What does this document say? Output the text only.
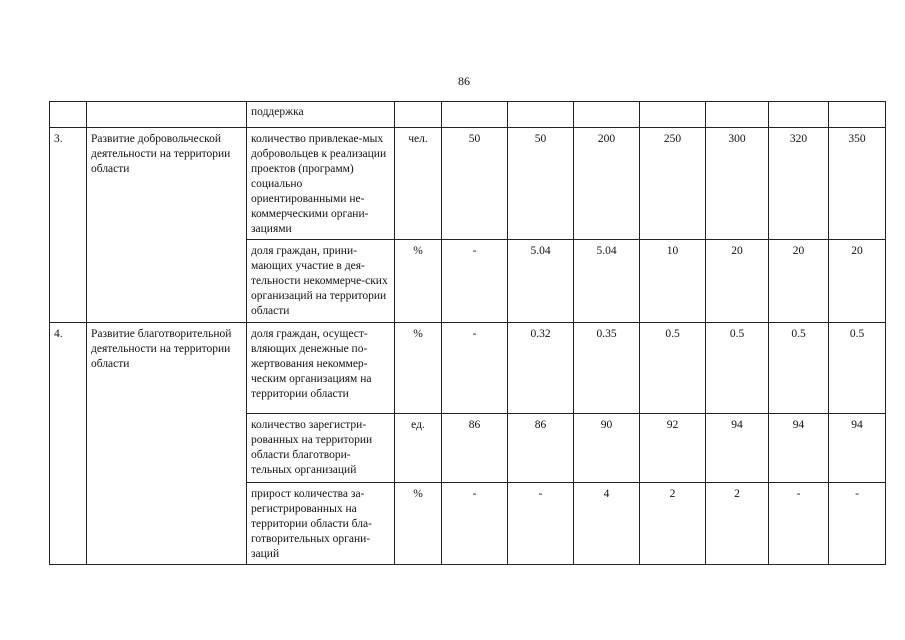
86
		поддержка								
3.	Развитие добровольческой деятельности на территории области	количество привлекае-мых добровольцев к реализации проектов (программ) социально ориентированными не-коммерческими органи-зациями	чел.	50	50	200	250	300	320	350
		доля граждан, прини-мающих участие в дея-тельности некоммерче-ских организаций на территории области	%	-	5.04	5.04	10	20	20	20
4.	Развитие благотворительной деятельности на территории области	доля граждан, осущест-вляющих денежные по-жертвования некоммер-ческим организациям на территории области	%	-	0.32	0.35	0.5	0.5	0.5	0.5
		количество зарегистри-рованных на территории области благотвори-тельных организаций	ед.	86	86	90	92	94	94	94
		прирост количества за-регистрированных на территории области бла-готворительных органи-заций	%	-	-	4	2	2	-	-
